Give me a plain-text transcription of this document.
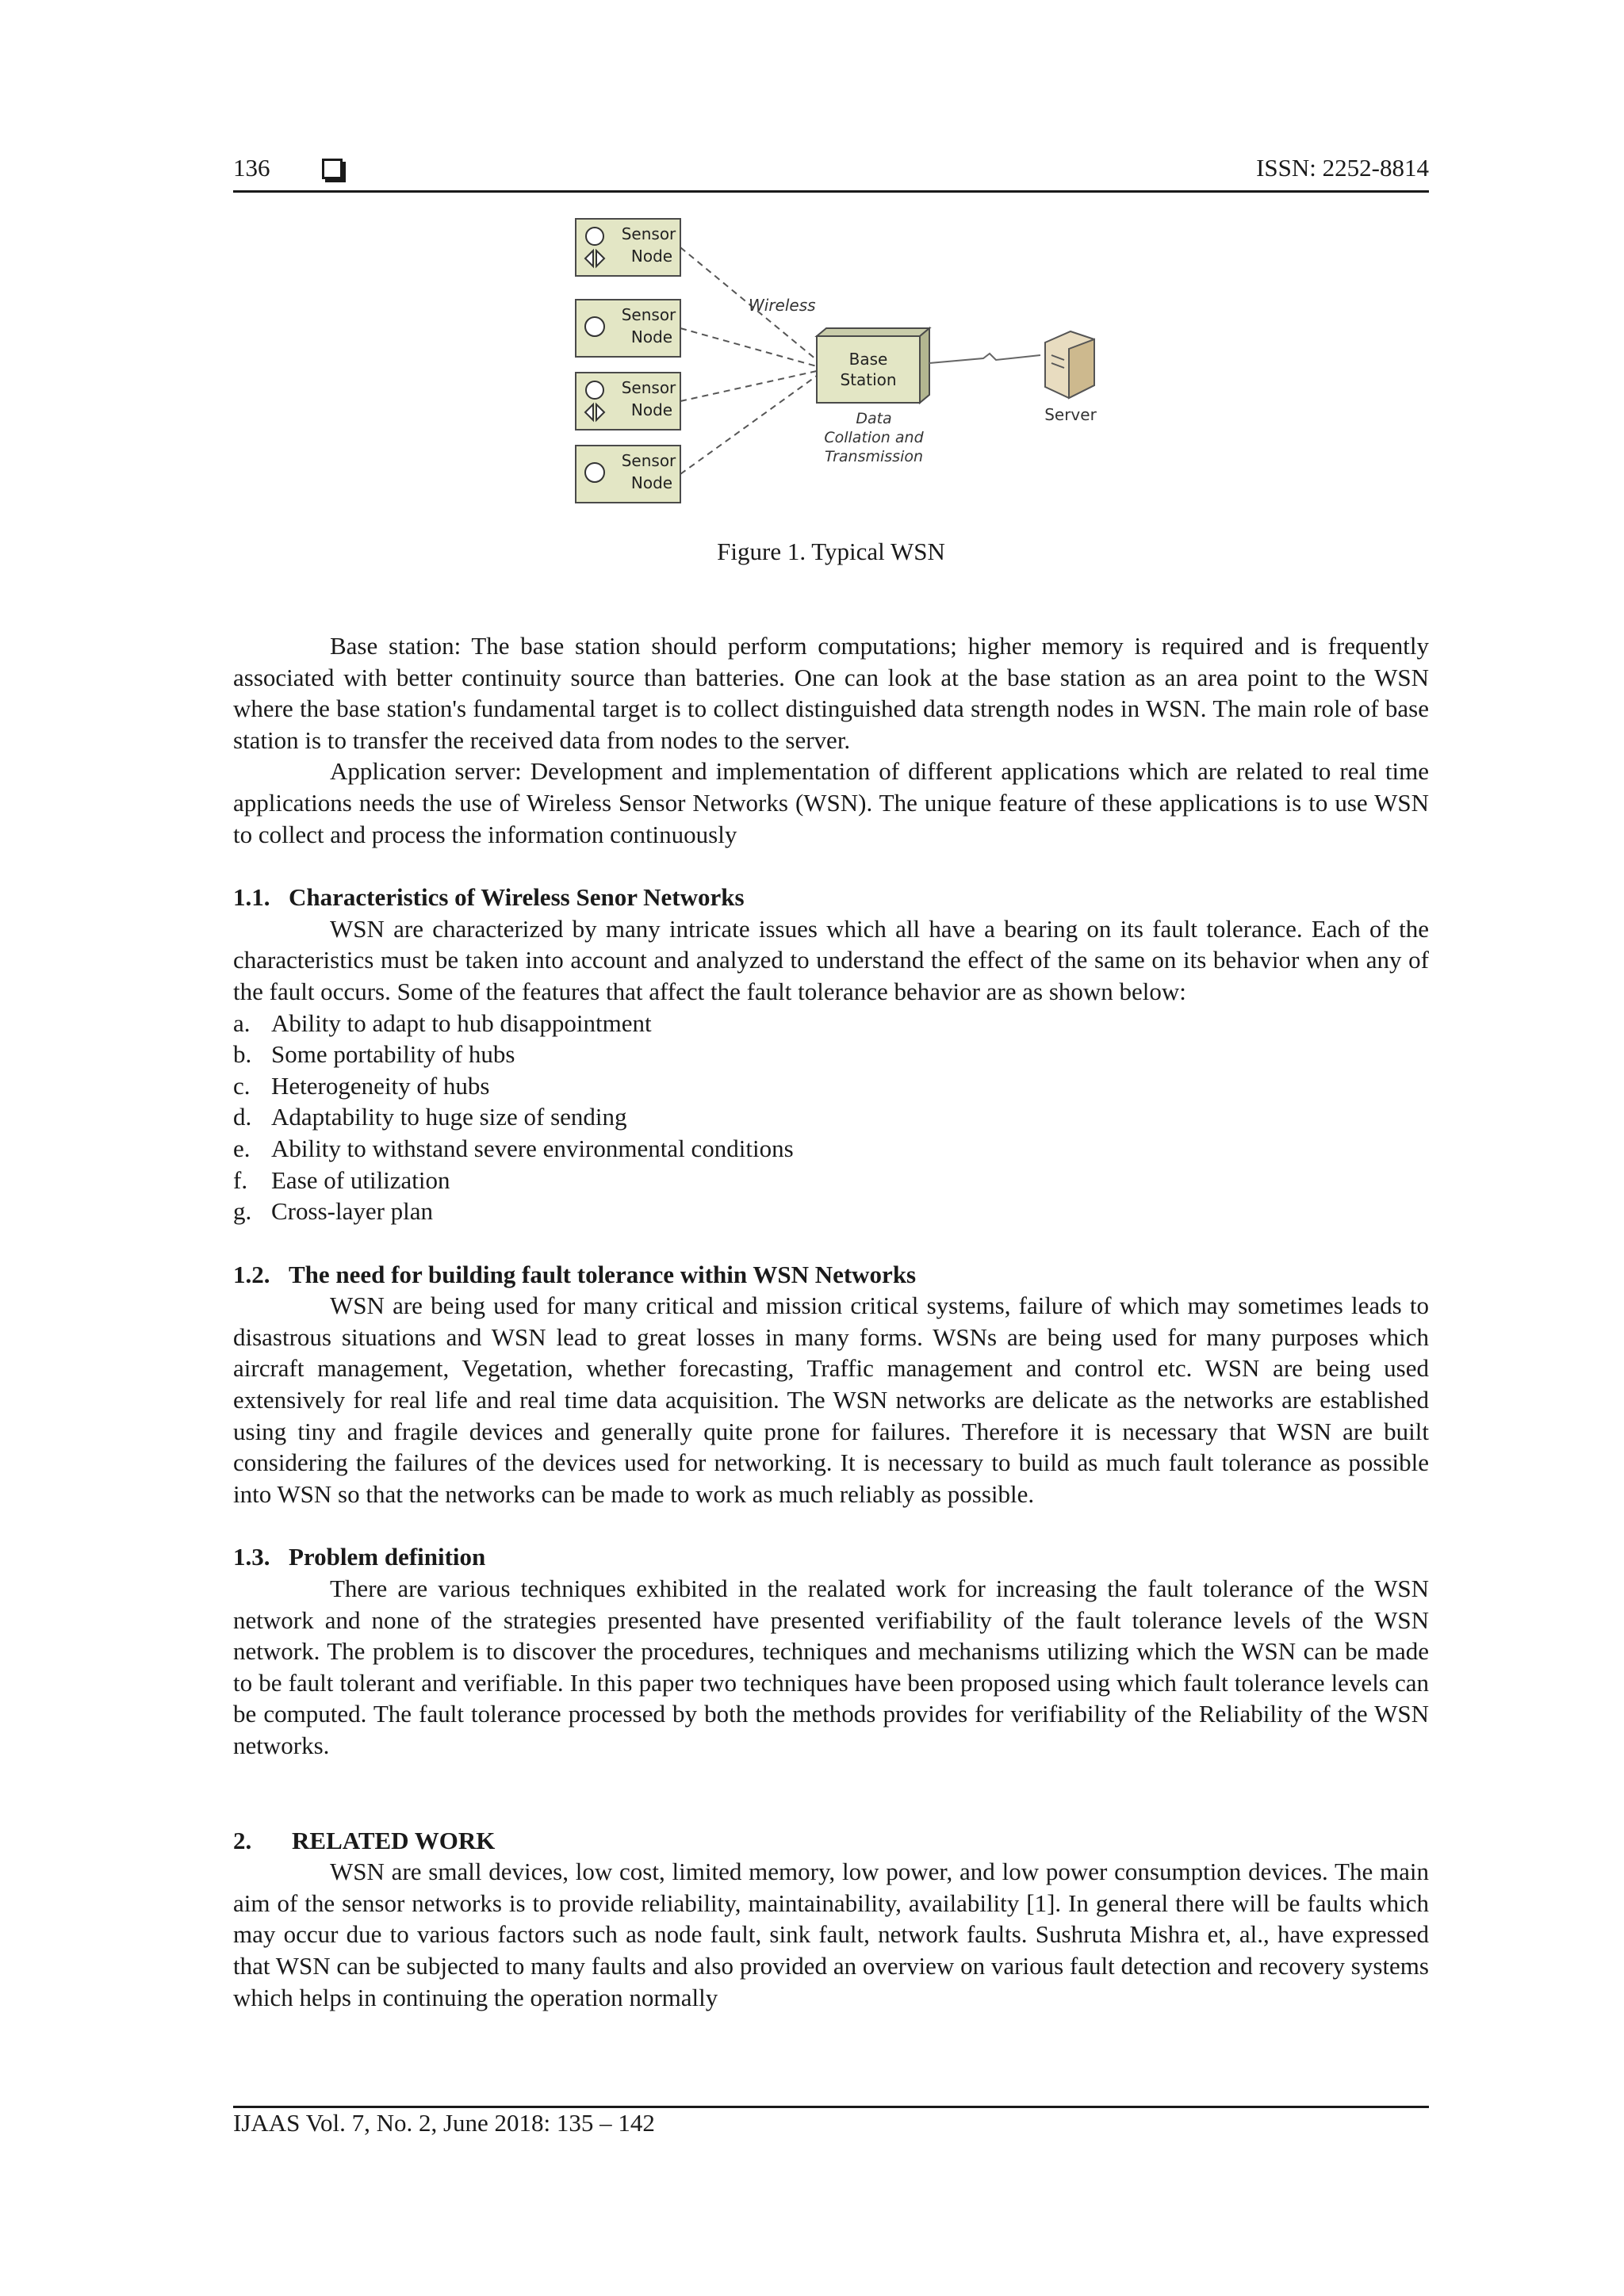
136	ISSN: 2252-8814
Sensor
Node
Sensor
Node
Sensor
Node
Sensor
Node
Wireless
Base
Station
Data
Collation and
Transmission
Server
Figure 1. Typical WSN

Base station: The base station should perform computations; higher memory is required and is frequently associated with better continuity source than batteries. One can look at the base station as an area point to the WSN where the base station's fundamental target is to collect distinguished data strength nodes in WSN. The main role of base station is to transfer the received data from nodes to the server.

Application server: Development and implementation of different applications which are related to real time applications needs the use of Wireless Sensor Networks (WSN). The unique feature of these applications is to use WSN to collect and process the information continuously

1.1. Characteristics of Wireless Senor Networks

WSN are characterized by many intricate issues which all have a bearing on its fault tolerance. Each of the characteristics must be taken into account and analyzed to understand the effect of the same on its behavior when any of the fault occurs. Some of the features that affect the fault tolerance behavior are as shown below:

a. Ability to adapt to hub disappointment
b. Some portability of hubs
c. Heterogeneity of hubs
d. Adaptability to huge size of sending
e. Ability to withstand severe environmental conditions
f. Ease of utilization
g. Cross-layer plan

1.2. The need for building fault tolerance within WSN Networks

WSN are being used for many critical and mission critical systems, failure of which may sometimes leads to disastrous situations and WSN lead to great losses in many forms. WSNs are being used for many purposes which aircraft management, Vegetation, whether forecasting, Traffic management and control etc. WSN are being used extensively for real life and real time data acquisition. The WSN networks are delicate as the networks are established using tiny and fragile devices and generally quite prone for failures. Therefore it is necessary that WSN are built considering the failures of the devices used for networking. It is necessary to build as much fault tolerance as possible into WSN so that the networks can be made to work as much reliably as possible.

1.3. Problem definition

There are various techniques exhibited in the realated work for increasing the fault tolerance of the WSN network and none of the strategies presented have presented verifiability of the fault tolerance levels of the WSN network. The problem is to discover the procedures, techniques and mechanisms utilizing which the WSN can be made to be fault tolerant and verifiable. In this paper two techniques have been proposed using which fault tolerance levels can be computed. The fault tolerance processed by both the methods provides for verifiability of the Reliability of the WSN networks.

2. RELATED WORK

WSN are small devices, low cost, limited memory, low power, and low power consumption devices. The main aim of the sensor networks is to provide reliability, maintainability, availability [1]. In general there will be faults which may occur due to various factors such as node fault, sink fault, network faults. Sushruta Mishra et, al., have expressed that WSN can be subjected to many faults and also provided an overview on various fault detection and recovery systems which helps in continuing the operation normally

IJAAS Vol. 7, No. 2, June 2018: 135 – 142
